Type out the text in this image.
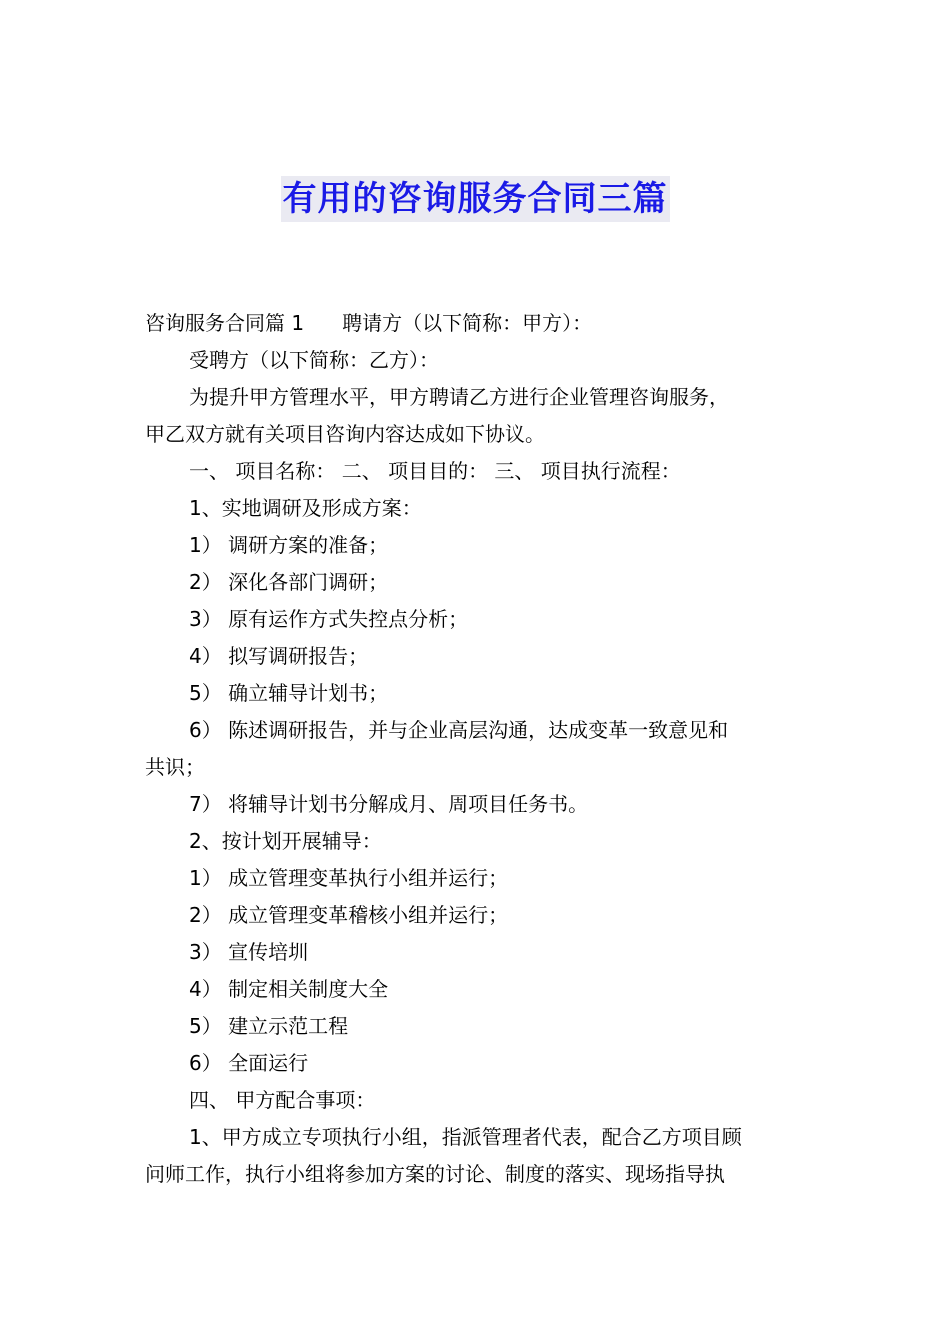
有用的咨询服务合同三篇

咨询服务合同篇 1 聘请方（以下简称：甲方）：

受聘方（以下简称：乙方）：

为提升甲方管理水平，甲方聘请乙方进行企业管理咨询服务，

甲乙双方就有关项目咨询内容达成如下协议。

一、 项目名称： 二、 项目目的： 三、 项目执行流程：

1、实地调研及形成方案：

1） 调研方案的准备；

2） 深化各部门调研；

3） 原有运作方式失控点分析；

4） 拟写调研报告；

5） 确立辅导计划书；

6） 陈述调研报告，并与企业高层沟通，达成变革一致意见和

共识；

7） 将辅导计划书分解成月、周项目任务书。

2、按计划开展辅导：

1） 成立管理变革执行小组并运行；

2） 成立管理变革稽核小组并运行；

3） 宣传培圳

4） 制定相关制度大全

5） 建立示范工程

6） 全面运行

四、 甲方配合事项：

1、甲方成立专项执行小组，指派管理者代表，配合乙方项目顾

问师工作，执行小组将参加方案的讨论、制度的落实、现场指导执
